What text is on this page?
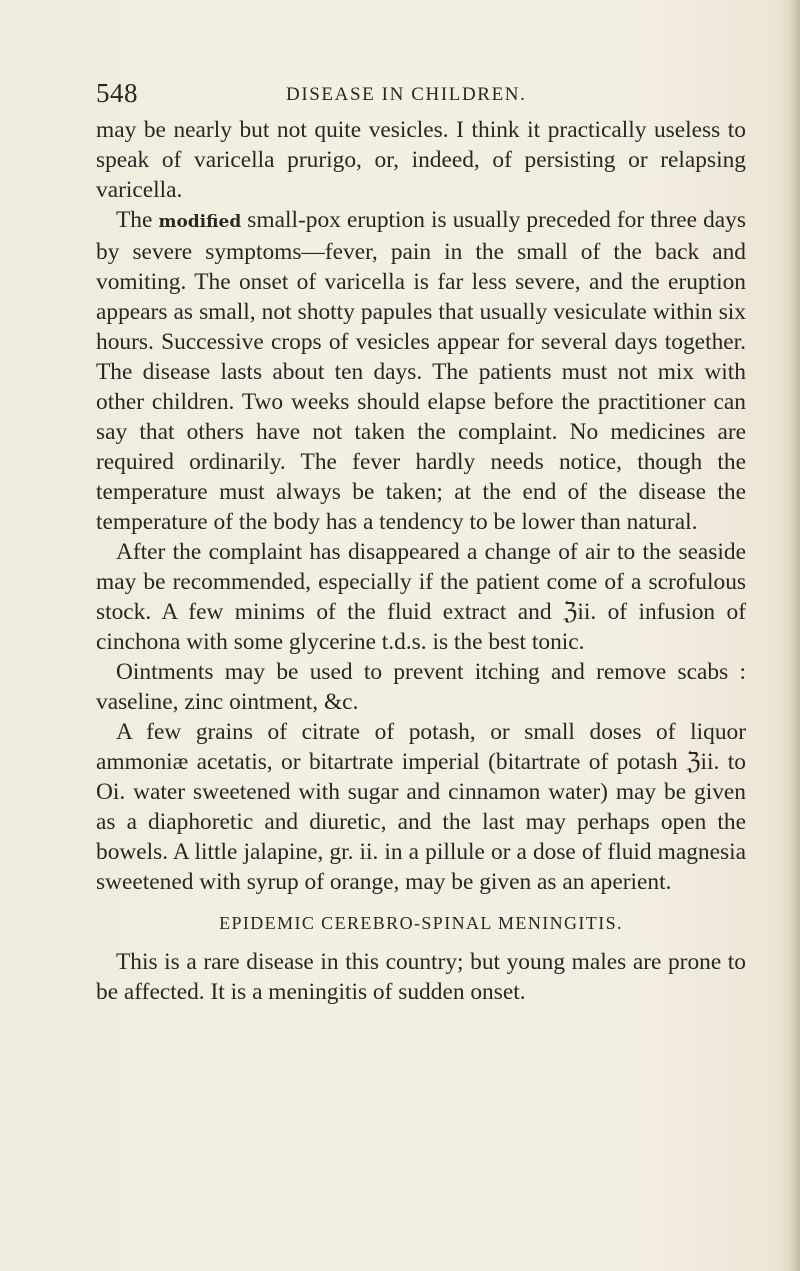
548	DISEASE IN CHILDREN.

may be nearly but not quite vesicles. I think it practically useless to speak of varicella prurigo, or, indeed, of persisting or relapsing varicella.

The modified small-pox eruption is usually preceded for three days by severe symptoms—fever, pain in the small of the back and vomiting. The onset of varicella is far less severe, and the eruption appears as small, not shotty papules that usually vesiculate within six hours. Successive crops of vesicles appear for several days together. The disease lasts about ten days. The patients must not mix with other children. Two weeks should elapse before the practitioner can say that others have not taken the complaint. No medicines are required ordinarily. The fever hardly needs notice, though the temperature must always be taken; at the end of the disease the temperature of the body has a tendency to be lower than natural.

After the complaint has disappeared a change of air to the seaside may be recommended, especially if the patient come of a scrofulous stock. A few minims of the fluid extract and ℨii. of infusion of cinchona with some glycerine t.d.s. is the best tonic.

Ointments may be used to prevent itching and remove scabs : vaseline, zinc ointment, &c.

A few grains of citrate of potash, or small doses of liquor ammoniæ acetatis, or bitartrate imperial (bitartrate of potash ℨii. to Oi. water sweetened with sugar and cinnamon water) may be given as a diaphoretic and diuretic, and the last may perhaps open the bowels. A little jalapine, gr. ii. in a pillule or a dose of fluid magnesia sweetened with syrup of orange, may be given as an aperient.

EPIDEMIC CEREBRO-SPINAL MENINGITIS.

This is a rare disease in this country; but young males are prone to be affected. It is a meningitis of sudden onset.
